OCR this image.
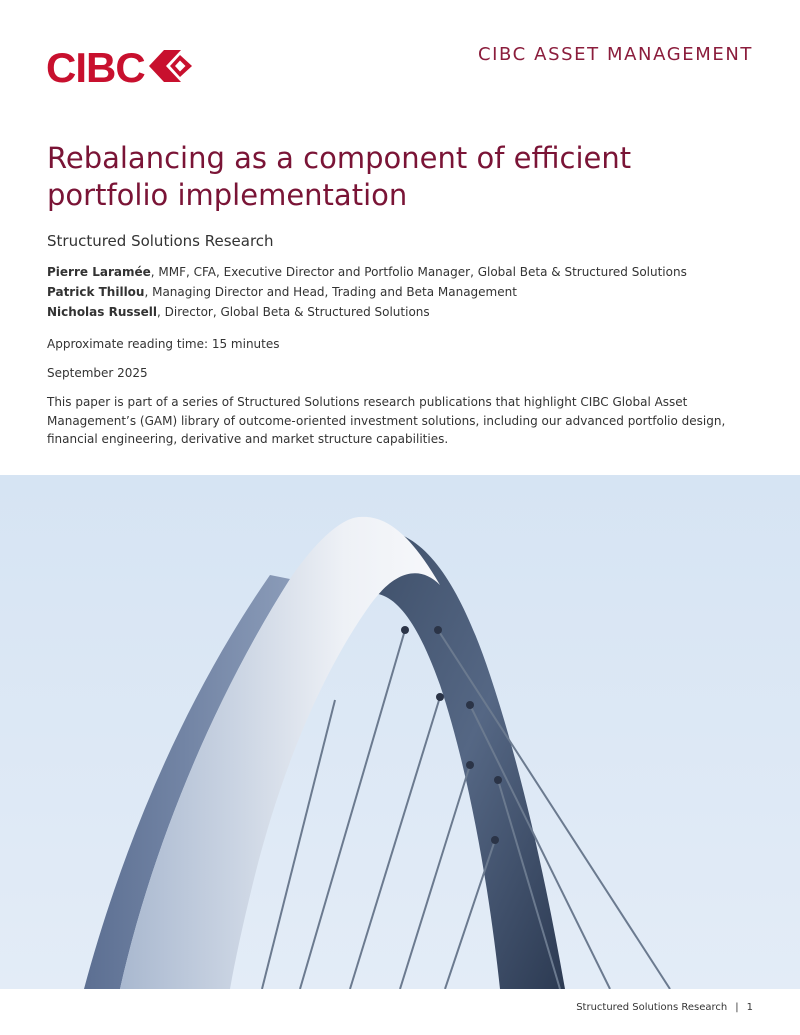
CIBC	CIBC ASSET MANAGEMENT
Rebalancing as a component of efficient portfolio implementation
Structured Solutions Research
Pierre Laramée, MMF, CFA, Executive Director and Portfolio Manager, Global Beta & Structured Solutions
Patrick Thillou, Managing Director and Head, Trading and Beta Management
Nicholas Russell, Director, Global Beta & Structured Solutions
Approximate reading time: 15 minutes
September 2025

This paper is part of a series of Structured Solutions research publications that highlight CIBC Global Asset Management’s (GAM) library of outcome-oriented investment solutions, including our advanced portfolio design, financial engineering, derivative and market structure capabilities.

Structured Solutions Research | 1
